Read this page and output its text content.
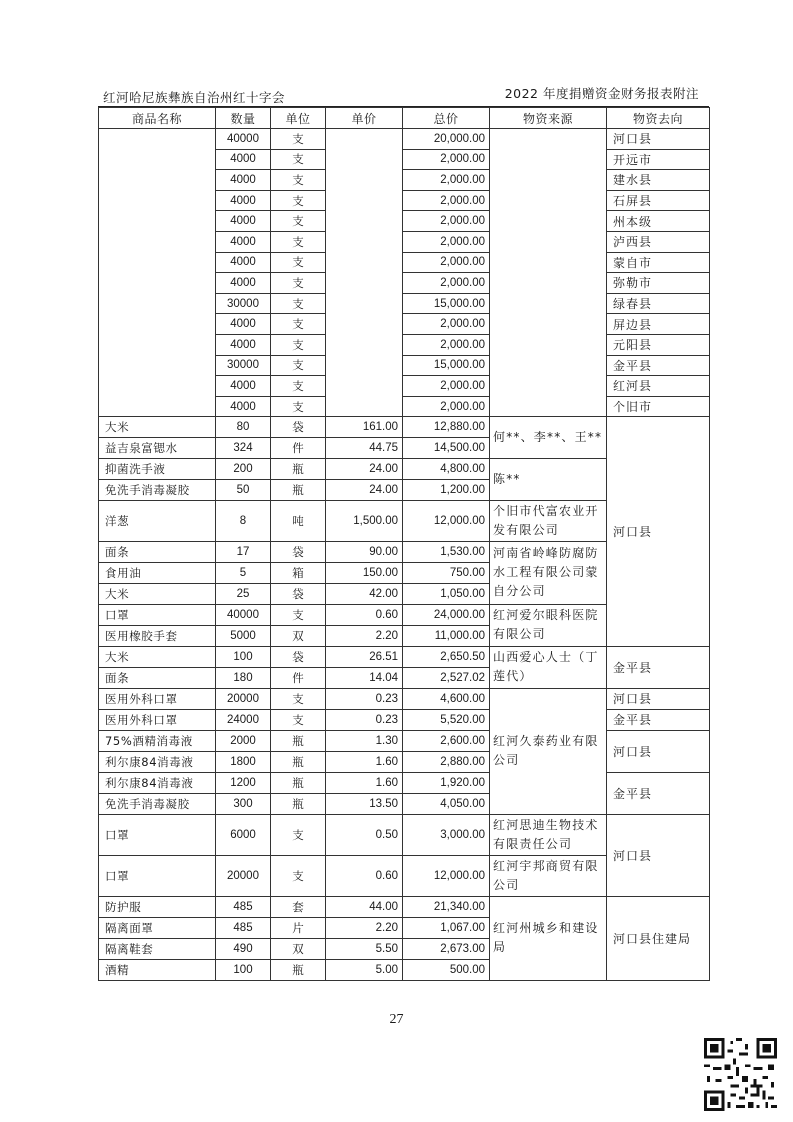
红河哈尼族彝族自治州红十字会	2022 年度捐赠资金财务报表附注
商品名称	数量	单位	单价	总价	物资来源	物资去向
	40000	支		20,000.00		河口县
	4000	支		2,000.00		开远市
	4000	支		2,000.00		建水县
	4000	支		2,000.00		石屏县
	4000	支		2,000.00		州本级
	4000	支		2,000.00		泸西县
	4000	支		2,000.00		蒙自市
	4000	支		2,000.00		弥勒市
	30000	支		15,000.00		绿春县
	4000	支		2,000.00		屏边县
	4000	支		2,000.00		元阳县
	30000	支		15,000.00		金平县
	4000	支		2,000.00		红河县
	4000	支		2,000.00		个旧市
大米	80	袋	161.00	12,880.00	何**、李**、王**	河口县
益吉泉富锶水	324	件	44.75	14,500.00		
抑菌洗手液	200	瓶	24.00	4,800.00	陈**	
免洗手消毒凝胶	50	瓶	24.00	1,200.00		
洋葱	8	吨	1,500.00	12,000.00	个旧市代富农业开发有限公司	
面条	17	袋	90.00	1,530.00	河南省岭峰防腐防水工程有限公司蒙自分公司	
食用油	5	箱	150.00	750.00		
大米	25	袋	42.00	1,050.00		
口罩	40000	支	0.60	24,000.00	红河爱尔眼科医院有限公司	
医用橡胶手套	5000	双	2.20	11,000.00		
大米	100	袋	26.51	2,650.50	山西爱心人士（丁莲代）	金平县
面条	180	件	14.04	2,527.02		
医用外科口罩	20000	支	0.23	4,600.00	红河久泰药业有限公司	河口县
医用外科口罩	24000	支	0.23	5,520.00		金平县
75%酒精消毒液	2000	瓶	1.30	2,600.00		河口县
利尔康84消毒液	1800	瓶	1.60	2,880.00		
利尔康84消毒液	1200	瓶	1.60	1,920.00		金平县
免洗手消毒凝胶	300	瓶	13.50	4,050.00		
口罩	6000	支	0.50	3,000.00	红河思迪生物技术有限责任公司	河口县
口罩	20000	支	0.60	12,000.00	红河宇邦商贸有限公司	
防护服	485	套	44.00	21,340.00	红河州城乡和建设局	河口县住建局
隔离面罩	485	片	2.20	1,067.00		
隔离鞋套	490	双	5.50	2,673.00		
酒精	100	瓶	5.00	500.00		
27
